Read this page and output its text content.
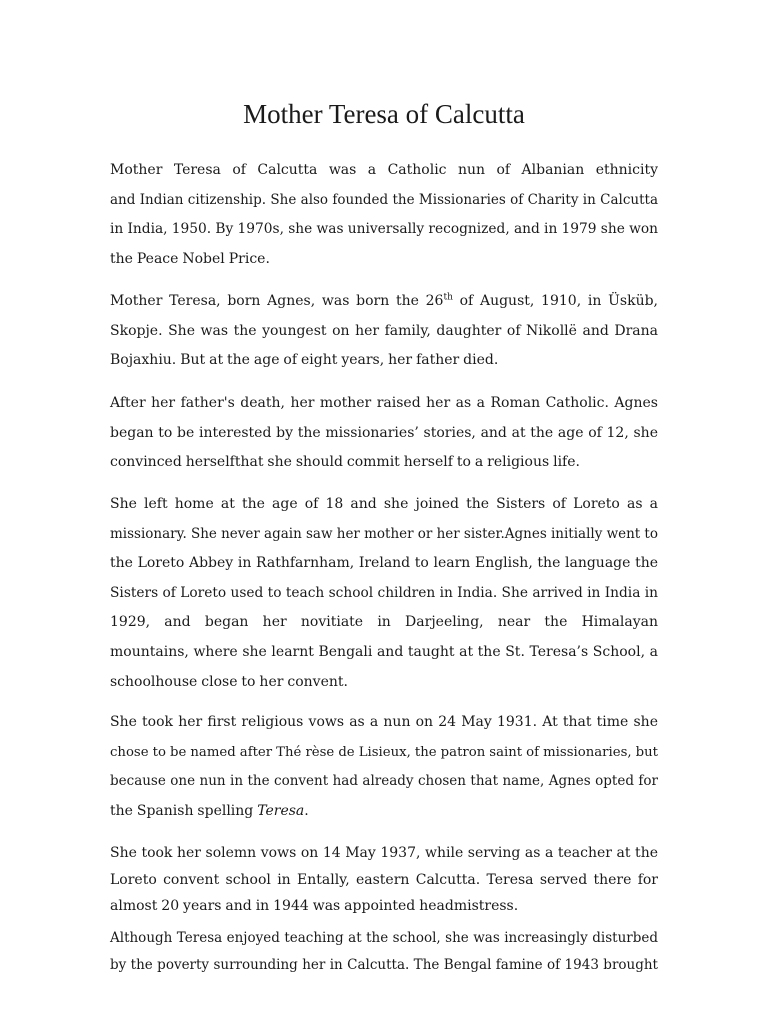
Mother Teresa of Calcutta
Mother Teresa of Calcutta was a Catholic nun of Albanian ethnicity
and Indian citizenship. She also founded the Missionaries of Charity in Calcutta
in India, 1950. By 1970s, she was universally recognized, and in 1979 she won
the Peace Nobel Price.
Mother Teresa, born Agnes, was born the 26th of August, 1910, in Üsküb,
Skopje. She was the youngest on her family, daughter of Nikollë and Drana
Bojaxhiu. But at the age of eight years, her father died.
After her father's death, her mother raised her as a Roman Catholic. Agnes
began to be interested by the missionaries’ stories, and at the age of 12, she
convinced herselfthat she should commit herself to a religious life.
She left home at the age of 18 and she joined the Sisters of Loreto as a
missionary. She never again saw her mother or her sister.Agnes initially went to
the Loreto Abbey in Rathfarnham, Ireland to learn English, the language the
Sisters of Loreto used to teach school children in India. She arrived in India in
1929, and began her novitiate in Darjeeling, near the Himalayan
mountains, where she learnt Bengali and taught at the St. Teresa’s School, a
schoolhouse close to her convent.
She took her first religious vows as a nun on 24 May 1931. At that time she
chose to be named after Thé rèse de Lisieux, the patron saint of missionaries, but
because one nun in the convent had already chosen that name, Agnes opted for
the Spanish spelling Teresa.
She took her solemn vows on 14 May 1937, while serving as a teacher at the
Loreto convent school in Entally, eastern Calcutta. Teresa served there for
almost 20 years and in 1944 was appointed headmistress.
Although Teresa enjoyed teaching at the school, she was increasingly disturbed
by the poverty surrounding her in Calcutta. The Bengal famine of 1943 brought
